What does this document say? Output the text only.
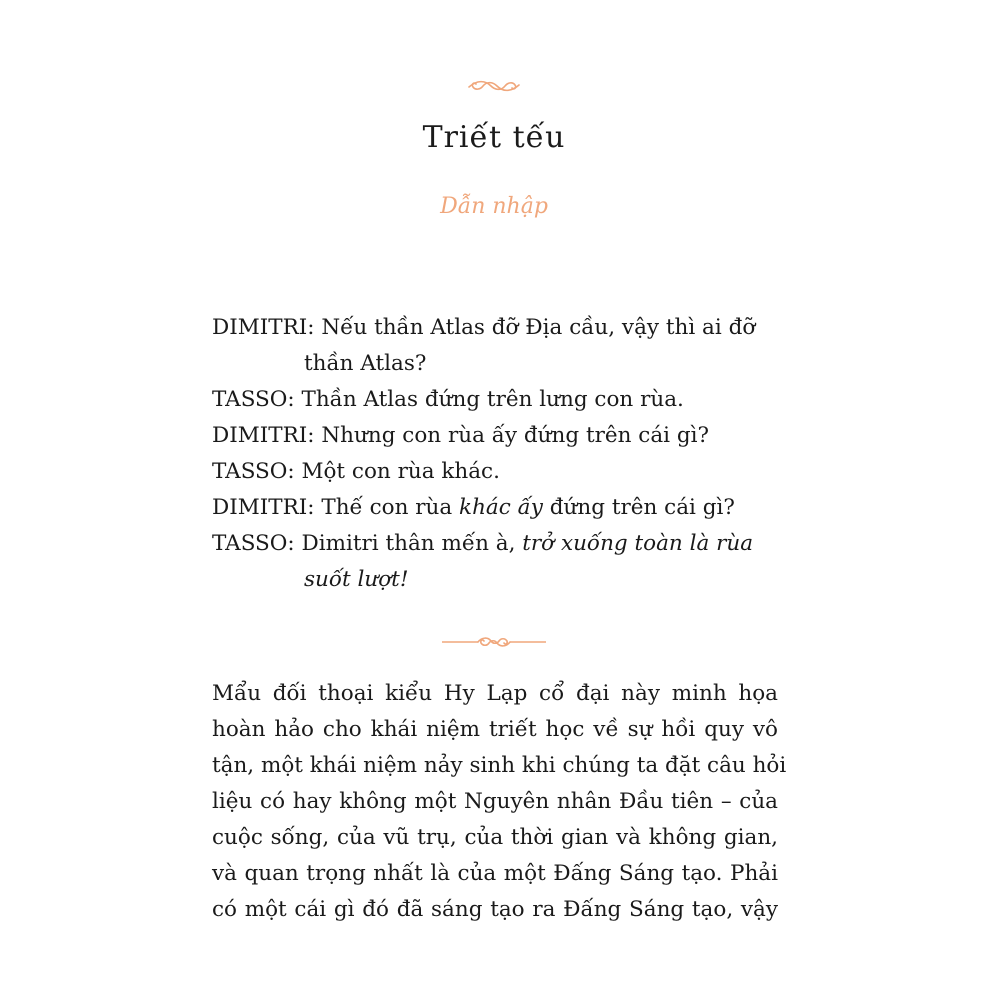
Triết tếu
Dẫn nhập
DIMITRI: Nếu thần Atlas đỡ Địa cầu, vậy thì ai đỡ
thần Atlas?
TASSO: Thần Atlas đứng trên lưng con rùa.
DIMITRI: Nhưng con rùa ấy đứng trên cái gì?
TASSO: Một con rùa khác.
DIMITRI: Thế con rùa khác ấy đứng trên cái gì?
TASSO: Dimitri thân mến à, trở xuống toàn là rùa
suốt lượt!
Mẩu đối thoại kiểu Hy Lạp cổ đại này minh họa
hoàn hảo cho khái niệm triết học về sự hồi quy vô
tận, một khái niệm nảy sinh khi chúng ta đặt câu hỏi
liệu có hay không một Nguyên nhân Đầu tiên – của
cuộc sống, của vũ trụ, của thời gian và không gian,
và quan trọng nhất là của một Đấng Sáng tạo. Phải
có một cái gì đó đã sáng tạo ra Đấng Sáng tạo, vậy
